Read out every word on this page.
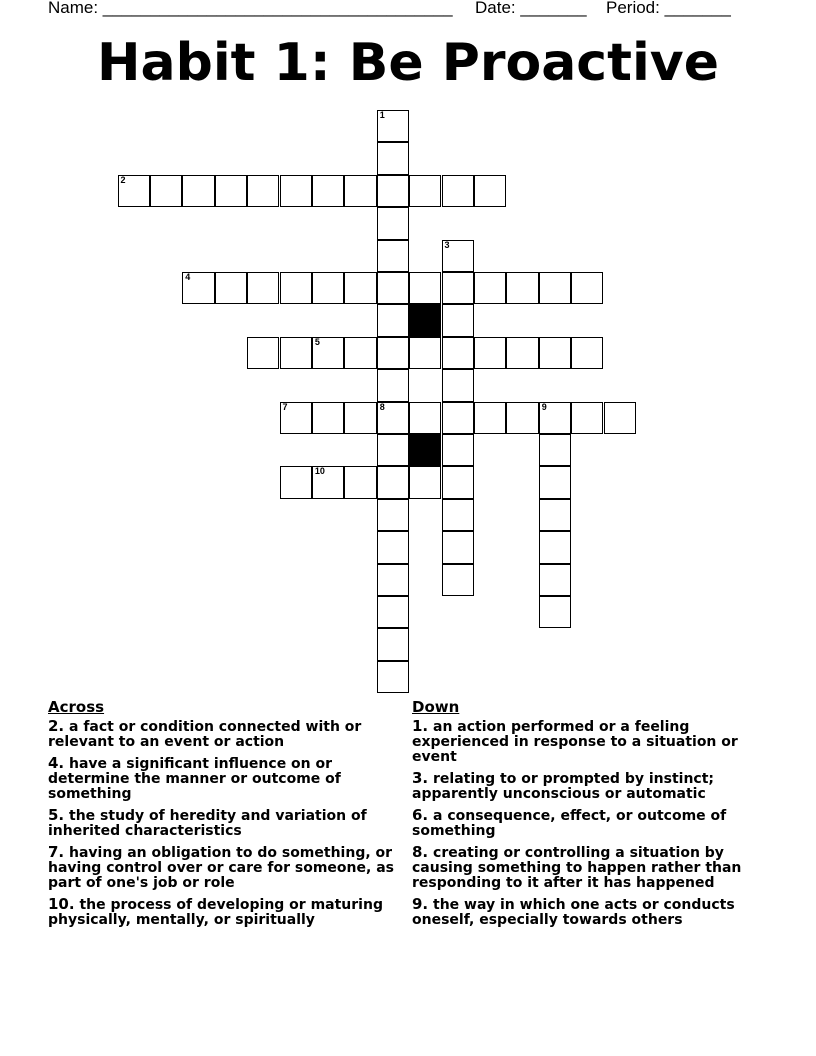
Name: _____________________________________ Date: _______ Period: _______
Habit 1: Be Proactive
1
8
2
3
4
5
7	9
10
Across
2. a fact or condition connected with or relevant to an event or action
4. have a significant influence on or determine the manner or outcome of something
5. the study of heredity and variation of inherited characteristics
7. having an obligation to do something, or having control over or care for someone, as part of one's job or role
10. the process of developing or maturing physically, mentally, or spiritually
Down
1. an action performed or a feeling experienced in response to a situation or event
3. relating to or prompted by instinct; apparently unconscious or automatic
6. a consequence, effect, or outcome of something
8. creating or controlling a situation by causing something to happen rather than responding to it after it has happened
9. the way in which one acts or conducts oneself, especially towards others
